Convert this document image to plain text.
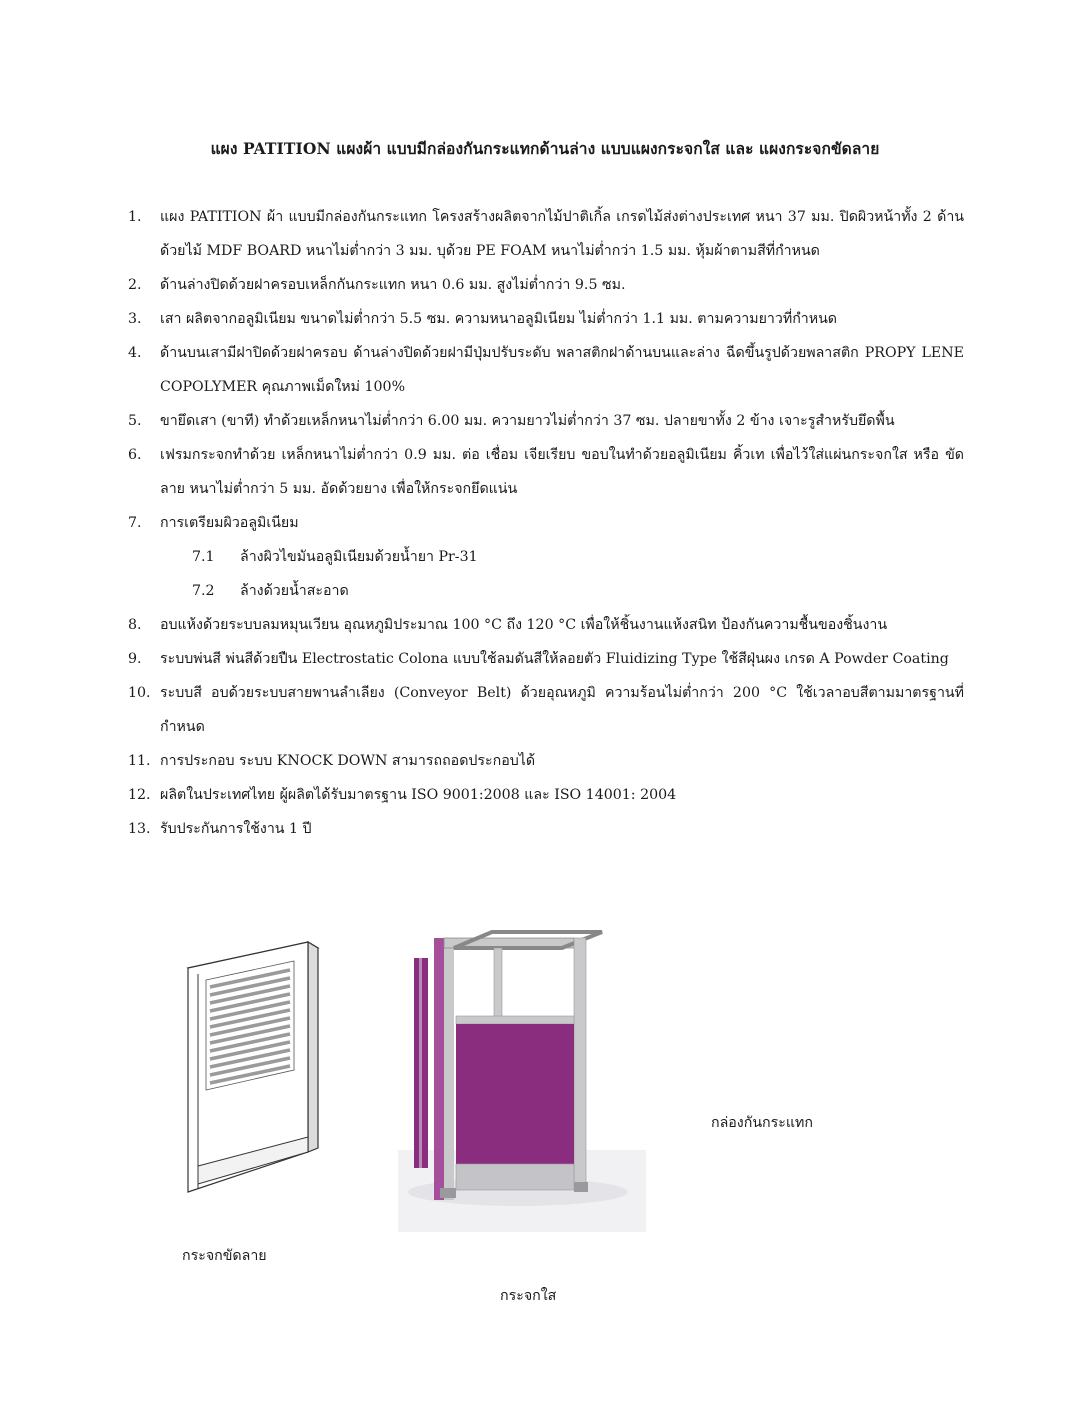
แผง PATITION แผงผ้า แบบมีกล่องกันกระแทกด้านล่าง แบบแผงกระจกใส และ แผงกระจกขัดลาย
1.	แผง PATITION ผ้า แบบมีกล่องกันกระแทก โครงสร้างผลิตจากไม้ปาติเกิ้ล เกรดไม้ส่งต่างประเทศ หนา 37 มม. ปิดผิวหน้าทั้ง 2 ด้าน ด้วยไม้ MDF BOARD หนาไม่ต่ำกว่า 3 มม. บุด้วย PE FOAM หนาไม่ต่ำกว่า 1.5 มม. หุ้มผ้าตามสีที่กำหนด
2.	ด้านล่างปิดด้วยฝาครอบเหล็กกันกระแทก หนา 0.6 มม. สูงไม่ต่ำกว่า 9.5 ซม.
3.	เสา ผลิตจากอลูมิเนียม ขนาดไม่ต่ำกว่า 5.5 ซม. ความหนาอลูมิเนียม ไม่ต่ำกว่า 1.1 มม. ตามความยาวที่กำหนด
4.	ด้านบนเสามีฝาปิดด้วยฝาครอบ ด้านล่างปิดด้วยฝามีปุ่มปรับระดับ พลาสติกฝาด้านบนและล่าง ฉีดขึ้นรูปด้วยพลาสติก PROPY LENE COPOLYMER คุณภาพเม็ดใหม่ 100%
5.	ขายึดเสา (ขาที) ทำด้วยเหล็กหนาไม่ต่ำกว่า 6.00 มม. ความยาวไม่ต่ำกว่า 37 ซม. ปลายขาทั้ง 2 ข้าง เจาะรูสำหรับยึดพื้น
6.	เฟรมกระจกทำด้วย เหล็กหนาไม่ต่ำกว่า 0.9 มม. ต่อ เชื่อม เจียเรียบ ขอบในทำด้วยอลูมิเนียม คิ้วเท เพื่อไว้ใส่แผ่นกระจกใส หรือ ขัดลาย หนาไม่ต่ำกว่า 5 มม. อัดด้วยยาง เพื่อให้กระจกยึดแน่น
7.	การเตรียมผิวอลูมิเนียม
7.1	ล้างผิวไขมันอลูมิเนียมด้วยน้ำยา Pr-31
7.2	ล้างด้วยน้ำสะอาด
8.	อบแห้งด้วยระบบลมหมุนเวียน อุณหภูมิประมาณ 100 °C ถึง 120 °C เพื่อให้ชิ้นงานแห้งสนิท ป้องกันความชื้นของชิ้นงาน
9.	ระบบพ่นสี พ่นสีด้วยปืน Electrostatic Colona แบบใช้ลมดันสีให้ลอยตัว Fluidizing Type ใช้สีฝุ่นผง เกรด A Powder Coating
10. ระบบสี อบด้วยระบบสายพานลำเลียง (Conveyor Belt) ด้วยอุณหภูมิ ความร้อนไม่ต่ำกว่า 200 °C ใช้เวลาอบสีตามมาตรฐานที่กำหนด
11. การประกอบ ระบบ KNOCK DOWN สามารถถอดประกอบได้
12. ผลิตในประเทศไทย ผู้ผลิตได้รับมาตรฐาน ISO 9001:2008 และ ISO 14001: 2004
13. รับประกันการใช้งาน 1 ปี
กล่องกันกระแทก
กระจกขัดลาย
กระจกใส
